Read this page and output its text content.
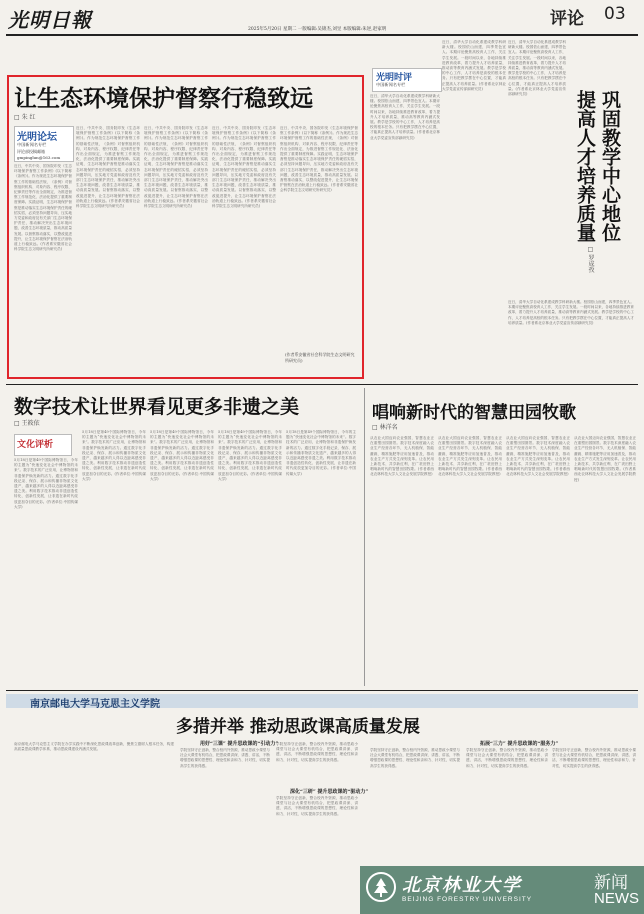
光明日報	2025年5月20日 星期二 一版编辑:吴锦杰,刘昱 本版编辑:朱逆,赵家明
评论 03
让生态环境保护督察行稳致远
□ 朱 红
光明论坛
中国新闻名专栏
评论部投稿邮箱
gmpinglun@163.com
近日，中共中央、国务院印发《生态环境保护督察工作条例》(以下简称《条例》)。作为规范生态环境保护督察工作的基础性法规，《条例》对督察组织机构、对象内容、程序权限、纪律责任等作出全面规定，为推进督察工作规范化、法治化提供了重要制度保障。实践证明，生态环境保护督察是推动落实生态环境保护责任的硬招实招，必须坚持问题导向，压实地方党委和政府及有关部门生态环境保护责任，推动解决突出生态环境问题，改善生态环境质量，推动高质量发展。以督察推动落实，以整改促进提升，让生态环境保护督察在法治轨道上行稳致远。(作者系安徽省社会科学院生态文明研究所研究员)
近日，中共中央、国务院印发《生态环境保护督察工作条例》(以下简称《条例》)。作为规范生态环境保护督察工作的基础性法规，《条例》对督察组织机构、对象内容、程序权限、纪律责任等作出全面规定，为推进督察工作规范化、法治化提供了重要制度保障。实践证明，生态环境保护督察是推动落实生态环境保护责任的硬招实招，必须坚持问题导向，压实地方党委和政府及有关部门生态环境保护责任，推动解决突出生态环境问题，改善生态环境质量，推动高质量发展。以督察推动落实，以整改促进提升，让生态环境保护督察在法治轨道上行稳致远。(作者系安徽省社会科学院生态文明研究所研究员)
近日，中共中央、国务院印发《生态环境保护督察工作条例》(以下简称《条例》)。作为规范生态环境保护督察工作的基础性法规，《条例》对督察组织机构、对象内容、程序权限、纪律责任等作出全面规定，为推进督察工作规范化、法治化提供了重要制度保障。实践证明，生态环境保护督察是推动落实生态环境保护责任的硬招实招，必须坚持问题导向，压实地方党委和政府及有关部门生态环境保护责任，推动解决突出生态环境问题，改善生态环境质量，推动高质量发展。以督察推动落实，以整改促进提升，让生态环境保护督察在法治轨道上行稳致远。(作者系安徽省社会科学院生态文明研究所研究员)
近日，中共中央、国务院印发《生态环境保护督察工作条例》(以下简称《条例》)。作为规范生态环境保护督察工作的基础性法规，《条例》对督察组织机构、对象内容、程序权限、纪律责任等作出全面规定，为推进督察工作规范化、法治化提供了重要制度保障。实践证明，生态环境保护督察是推动落实生态环境保护责任的硬招实招，必须坚持问题导向，压实地方党委和政府及有关部门生态环境保护责任，推动解决突出生态环境问题，改善生态环境质量，推动高质量发展。以督察推动落实，以整改促进提升，让生态环境保护督察在法治轨道上行稳致远。(作者系安徽省社会科学院生态文明研究所研究员)
近日，中共中央、国务院印发《生态环境保护督察工作条例》(以下简称《条例》)。作为规范生态环境保护督察工作的基础性法规，《条例》对督察组织机构、对象内容、程序权限、纪律责任等作出全面规定，为推进督察工作规范化、法治化提供了重要制度保障。实践证明，生态环境保护督察是推动落实生态环境保护责任的硬招实招，必须坚持问题导向，压实地方党委和政府及有关部门生态环境保护责任，推动解决突出生态环境问题，改善生态环境质量，推动高质量发展。以督察推动落实，以整改促进提升，让生态环境保护督察在法治轨道上行稳致远。(作者系安徽省社会科学院生态文明研究所研究员)
(作者系安徽省社会科学院生态文明研究所研究员)
光明时评
中国新闻名专栏
近日，清华大学自动化系建成教学科研新大楼。校园依山而建，四季景色宜人。本期评论聚焦高校育人工作，关注学生发展。一段时间以来，各地持续推进教育改革，着力提升人才培养质量，推动高等教育内涵式发展。教学是学校的中心工作，人才培养是高校的根本任务。只有把教学摆在中心位置，才能真正提高人才培养质量。(作者系北京林业大学党委宣传部副研究员)
近日，清华大学自动化系建成教学科研新大楼。校园依山而建，四季景色宜人。本期评论聚焦高校育人工作，关注学生发展。一段时间以来，各地持续推进教育改革，着力提升人才培养质量，推动高等教育内涵式发展。教学是学校的中心工作，人才培养是高校的根本任务。只有把教学摆在中心位置，才能真正提高人才培养质量。(作者系北京林业大学党委宣传部副研究员)
近日，清华大学自动化系建成教学科研新大楼。校园依山而建，四季景色宜人。本期评论聚焦高校育人工作，关注学生发展。一段时间以来，各地持续推进教育改革，着力提升人才培养质量，推动高等教育内涵式发展。教学是学校的中心工作，人才培养是高校的根本任务。只有把教学摆在中心位置，才能真正提高人才培养质量。(作者系北京林业大学党委宣传部副研究员)
近日，清华大学自动化系建成教学科研新大楼。校园依山而建，四季景色宜人。本期评论聚焦高校育人工作，关注学生发展。一段时间以来，各地持续推进教育改革，着力提升人才培养质量，推动高等教育内涵式发展。教学是学校的中心工作，人才培养是高校的根本任务。只有把教学摆在中心位置，才能真正提高人才培养质量。(作者系北京林业大学党委宣传部副研究员)
巩固教学中心地位
提高人才培养质量
□ 罗成孜
数字技术让世界看见更多非遗之美
□ 王筱依
文化评析
5月18日是第49个国际博物馆日，今年的主题为“快速变化社会中博物馆的未来”。数字技术的广泛应用，让博物馆和非遗保护焕发新的活力。通过数字化手段记录、保存、展示和传播非物质文化遗产，越来越多的人得以近距离感受非遗之美。利用数字技术推动非遗创造性转化、创新性发展，让非遗在新时代绽放更加夺目的光彩。(作者单位:中国传媒大学)
5月18日是第49个国际博物馆日，今年的主题为“快速变化社会中博物馆的未来”。数字技术的广泛应用，让博物馆和非遗保护焕发新的活力。通过数字化手段记录、保存、展示和传播非物质文化遗产，越来越多的人得以近距离感受非遗之美。利用数字技术推动非遗创造性转化、创新性发展，让非遗在新时代绽放更加夺目的光彩。(作者单位:中国传媒大学)
5月18日是第49个国际博物馆日，今年的主题为“快速变化社会中博物馆的未来”。数字技术的广泛应用，让博物馆和非遗保护焕发新的活力。通过数字化手段记录、保存、展示和传播非物质文化遗产，越来越多的人得以近距离感受非遗之美。利用数字技术推动非遗创造性转化、创新性发展，让非遗在新时代绽放更加夺目的光彩。(作者单位:中国传媒大学)
5月18日是第49个国际博物馆日，今年的主题为“快速变化社会中博物馆的未来”。数字技术的广泛应用，让博物馆和非遗保护焕发新的活力。通过数字化手段记录、保存、展示和传播非物质文化遗产，越来越多的人得以近距离感受非遗之美。利用数字技术推动非遗创造性转化、创新性发展，让非遗在新时代绽放更加夺目的光彩。(作者单位:中国传媒大学)
5月18日是第49个国际博物馆日，今年的主题为“快速变化社会中博物馆的未来”。数字技术的广泛应用，让博物馆和非遗保护焕发新的活力。通过数字化手段记录、保存、展示和传播非物质文化遗产，越来越多的人得以近距离感受非遗之美。利用数字技术推动非遗创造性转化、创新性发展，让非遗在新时代绽放更加夺目的光彩。(作者单位:中国传媒大学)
唱响新时代的智慧田园牧歌
□ 林洋名
从农业大国迈向农业强国，智慧农业正在重塑田园图景。数字技术深度融入农业生产经营各环节，无人机植保、智能灌溉、精准施肥等应用加速普及，推动农业生产方式发生深刻变革。让农民用上新技术、共享新红利，在广袤田野上唱响新时代的智慧田园牧歌。(作者系西北农林科技大学人文社会发展学院教授)
从农业大国迈向农业强国，智慧农业正在重塑田园图景。数字技术深度融入农业生产经营各环节，无人机植保、智能灌溉、精准施肥等应用加速普及，推动农业生产方式发生深刻变革。让农民用上新技术、共享新红利，在广袤田野上唱响新时代的智慧田园牧歌。(作者系西北农林科技大学人文社会发展学院教授)
从农业大国迈向农业强国，智慧农业正在重塑田园图景。数字技术深度融入农业生产经营各环节，无人机植保、智能灌溉、精准施肥等应用加速普及，推动农业生产方式发生深刻变革。让农民用上新技术、共享新红利，在广袤田野上唱响新时代的智慧田园牧歌。(作者系西北农林科技大学人文社会发展学院教授)
从农业大国迈向农业强国，智慧农业正在重塑田园图景。数字技术深度融入农业生产经营各环节，无人机植保、智能灌溉、精准施肥等应用加速普及，推动农业生产方式发生深刻变革。让农民用上新技术、共享新红利，在广袤田野上唱响新时代的智慧田园牧歌。(作者系西北农林科技大学人文社会发展学院教授)
南京邮电大学马克思主义学院
多措并举 推动思政课高质量发展
南京邮电大学马克思主义学院在办学实践中不断深化思政课改革创新，聚焦立德树人根本任务，构建高质量思政课教学体系，推动思政课建设内涵式发展。
用好“三课” 提升思政课的“引动力”
学院坚持守正创新，整合校内外资源，推动思政小课堂与社会大课堂有机结合，把思政课讲深、讲透、讲活，不断增强思政课的思想性、理论性和亲和力、针对性，切实提高学生的获得感。
学院坚持守正创新，整合校内外资源，推动思政小课堂与社会大课堂有机结合，把思政课讲深、讲透、讲活，不断增强思政课的思想性、理论性和亲和力、针对性，切实提高学生的获得感。
深化“三研” 提升思政课的“驱动力”
学院坚持守正创新，整合校内外资源，推动思政小课堂与社会大课堂有机结合，把思政课讲深、讲透、讲活，不断增强思政课的思想性、理论性和亲和力、针对性，切实提高学生的获得感。
拓展“三力” 提升思政课的“服务力”
学院坚持守正创新，整合校内外资源，推动思政小课堂与社会大课堂有机结合，把思政课讲深、讲透、讲活，不断增强思政课的思想性、理论性和亲和力、针对性，切实提高学生的获得感。
学院坚持守正创新，整合校内外资源，推动思政小课堂与社会大课堂有机结合，把思政课讲深、讲透、讲活，不断增强思政课的思想性、理论性和亲和力、针对性，切实提高学生的获得感。
学院坚持守正创新，整合校内外资源，推动思政小课堂与社会大课堂有机结合，把思政课讲深、讲透、讲活，不断增强思政课的思想性、理论性和亲和力、针对性，切实提高学生的获得感。
北京林业大学
BEIJING FORESTRY UNIVERSITY
新闻
NEWS
